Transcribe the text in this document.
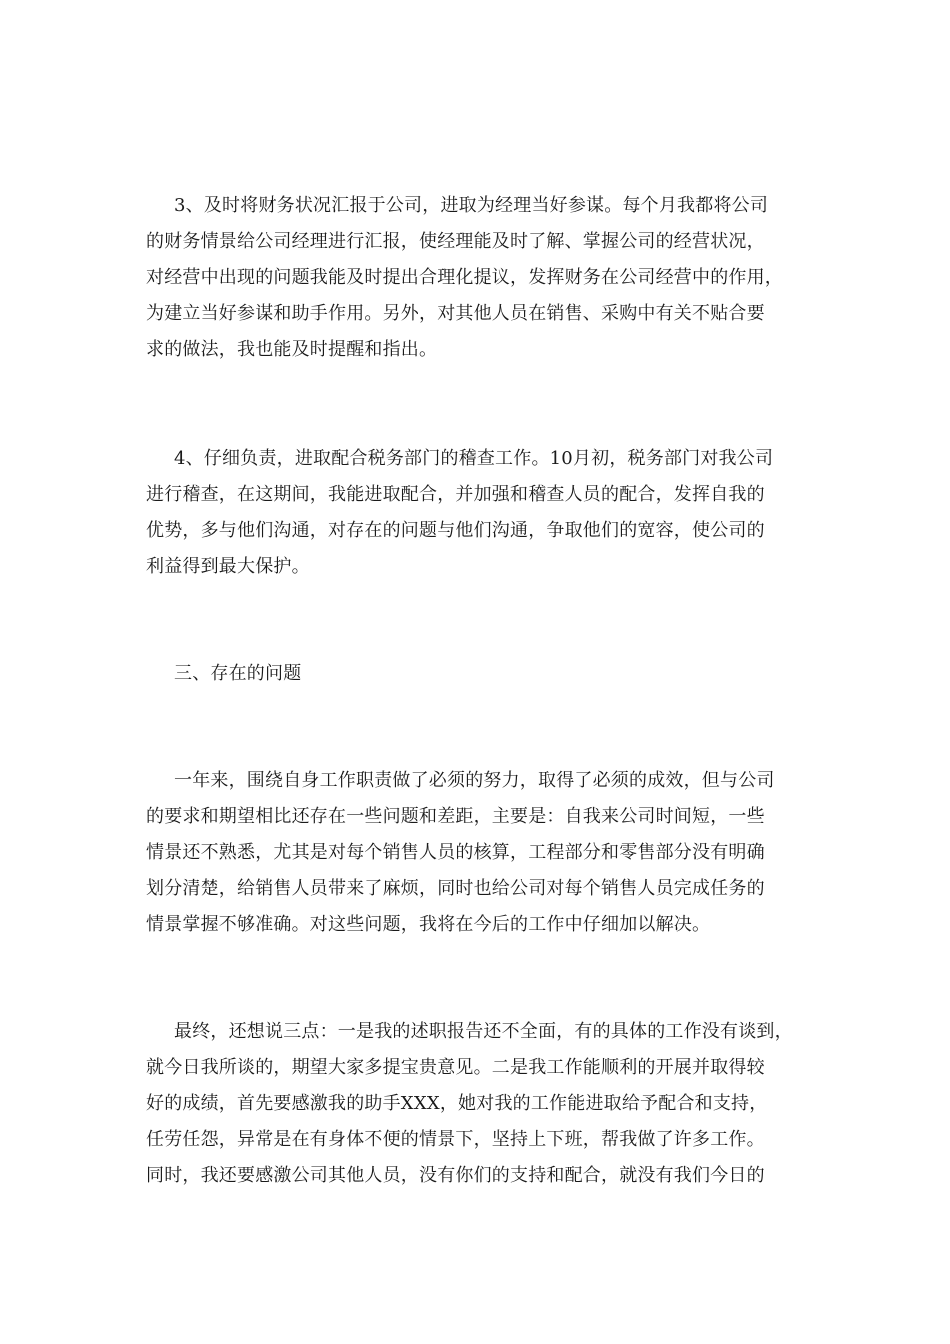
3、及时将财务状况汇报于公司，进取为经理当好参谋。每个月我都将公司
的财务情景给公司经理进行汇报，使经理能及时了解、掌握公司的经营状况，
对经营中出现的问题我能及时提出合理化提议，发挥财务在公司经营中的作用，
为建立当好参谋和助手作用。另外，对其他人员在销售、采购中有关不贴合要
求的做法，我也能及时提醒和指出。
4、仔细负责，进取配合税务部门的稽查工作。10月初，税务部门对我公司
进行稽查，在这期间，我能进取配合，并加强和稽查人员的配合，发挥自我的
优势，多与他们沟通，对存在的问题与他们沟通，争取他们的宽容，使公司的
利益得到最大保护。
三、存在的问题
一年来，围绕自身工作职责做了必须的努力，取得了必须的成效，但与公司
的要求和期望相比还存在一些问题和差距，主要是：自我来公司时间短，一些
情景还不熟悉，尤其是对每个销售人员的核算，工程部分和零售部分没有明确
划分清楚，给销售人员带来了麻烦，同时也给公司对每个销售人员完成任务的
情景掌握不够准确。对这些问题，我将在今后的工作中仔细加以解决。
最终，还想说三点：一是我的述职报告还不全面，有的具体的工作没有谈到，
就今日我所谈的，期望大家多提宝贵意见。二是我工作能顺利的开展并取得较
好的成绩，首先要感激我的助手XXX，她对我的工作能进取给予配合和支持，
任劳任怨，异常是在有身体不便的情景下，坚持上下班，帮我做了许多工作。
同时，我还要感激公司其他人员，没有你们的支持和配合，就没有我们今日的
